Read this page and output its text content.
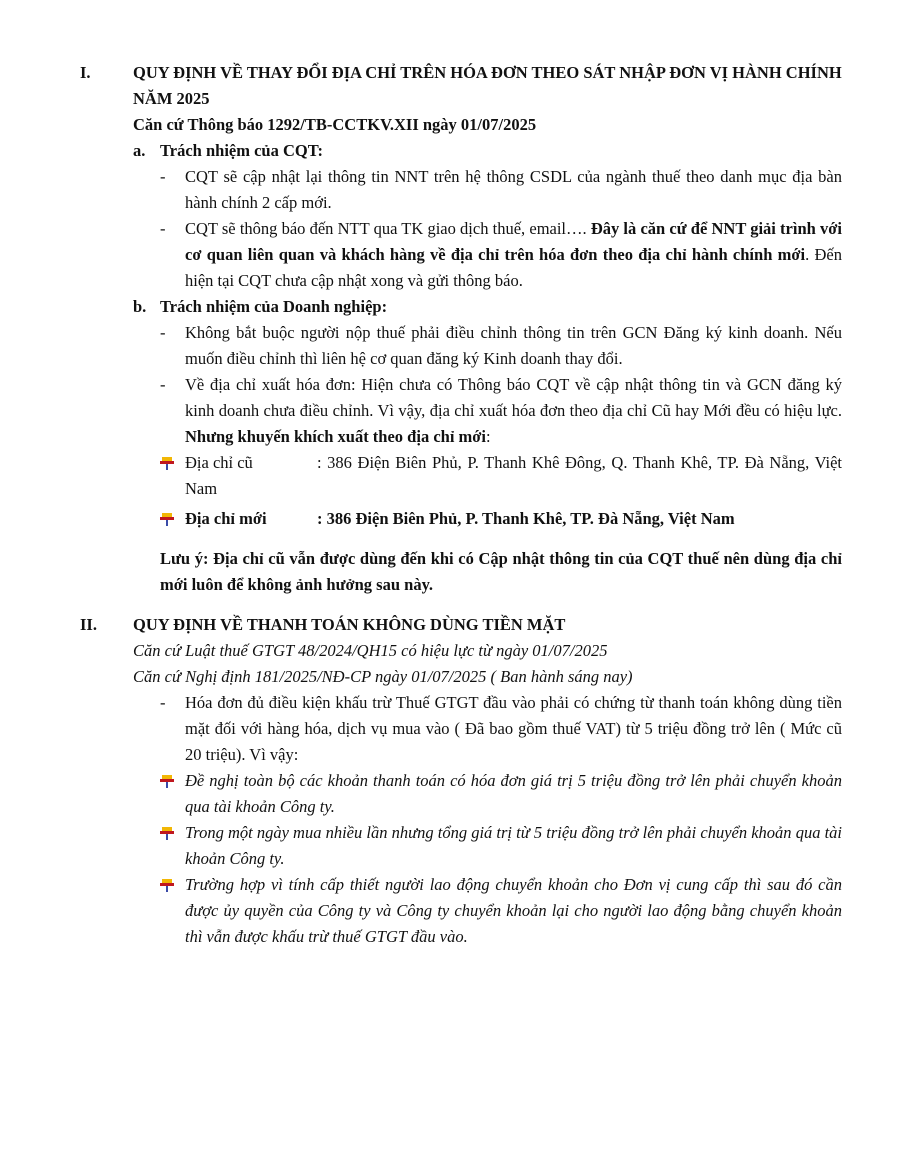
I.	QUY ĐỊNH VỀ THAY ĐỔI ĐỊA CHỈ TRÊN HÓA ĐƠN THEO SÁT NHẬP ĐƠN VỊ HÀNH CHÍNH NĂM 2025
Căn cứ Thông báo 1292/TB-CCTKV.XII ngày 01/07/2025
a. Trách nhiệm của CQT:
- CQT sẽ cập nhật lại thông tin NNT trên hệ thông CSDL của ngành thuế theo danh mục địa bàn hành chính 2 cấp mới.
- CQT sẽ thông báo đến NTT qua TK giao dịch thuế, email…. Đây là căn cứ để NNT giải trình với cơ quan liên quan và khách hàng về địa chỉ trên hóa đơn theo địa chỉ hành chính mới. Đến hiện tại CQT chưa cập nhật xong và gửi thông báo.
b. Trách nhiệm của Doanh nghiệp:
- Không bắt buộc người nộp thuế phải điều chỉnh thông tin trên GCN Đăng ký kinh doanh. Nếu muốn điều chỉnh thì liên hệ cơ quan đăng ký Kinh doanh thay đổi.
- Về địa chỉ xuất hóa đơn: Hiện chưa có Thông báo CQT về cập nhật thông tin và GCN đăng ký kinh doanh chưa điều chỉnh. Vì vậy, địa chỉ xuất hóa đơn theo địa chỉ Cũ hay Mới đều có hiệu lực. Nhưng khuyến khích xuất theo địa chỉ mới:
Địa chỉ cũ	: 386 Điện Biên Phủ, P. Thanh Khê Đông, Q. Thanh Khê, TP. Đà Nẵng, Việt Nam
Địa chỉ mới	: 386 Điện Biên Phủ, P. Thanh Khê, TP. Đà Nẵng, Việt Nam
Lưu ý: Địa chỉ cũ vẫn được dùng đến khi có Cập nhật thông tin của CQT thuế nên dùng địa chỉ mới luôn để không ảnh hưởng sau này.
II. QUY ĐỊNH VỀ THANH TOÁN KHÔNG DÙNG TIỀN MẶT
Căn cứ Luật thuế GTGT 48/2024/QH15 có hiệu lực từ ngày 01/07/2025
Căn cứ Nghị định 181/2025/NĐ-CP ngày 01/07/2025 ( Ban hành sáng nay)
- Hóa đơn đủ điều kiện khấu trừ Thuế GTGT đầu vào phải có chứng từ thanh toán không dùng tiền mặt đối với hàng hóa, dịch vụ mua vào ( Đã bao gồm thuế VAT) từ 5 triệu đồng trở lên ( Mức cũ 20 triệu). Vì vậy:
Đề nghị toàn bộ các khoản thanh toán có hóa đơn giá trị 5 triệu đồng trở lên phải chuyển khoản qua tài khoản Công ty.
Trong một ngày mua nhiều lần nhưng tổng giá trị từ 5 triệu đồng trở lên phải chuyển khoản qua tài khoản Công ty.
Trường hợp vì tính cấp thiết người lao động chuyển khoản cho Đơn vị cung cấp thì sau đó cần được ủy quyền của Công ty và Công ty chuyển khoản lại cho người lao động bằng chuyển khoản thì vẫn được khấu trừ thuế GTGT đầu vào.
